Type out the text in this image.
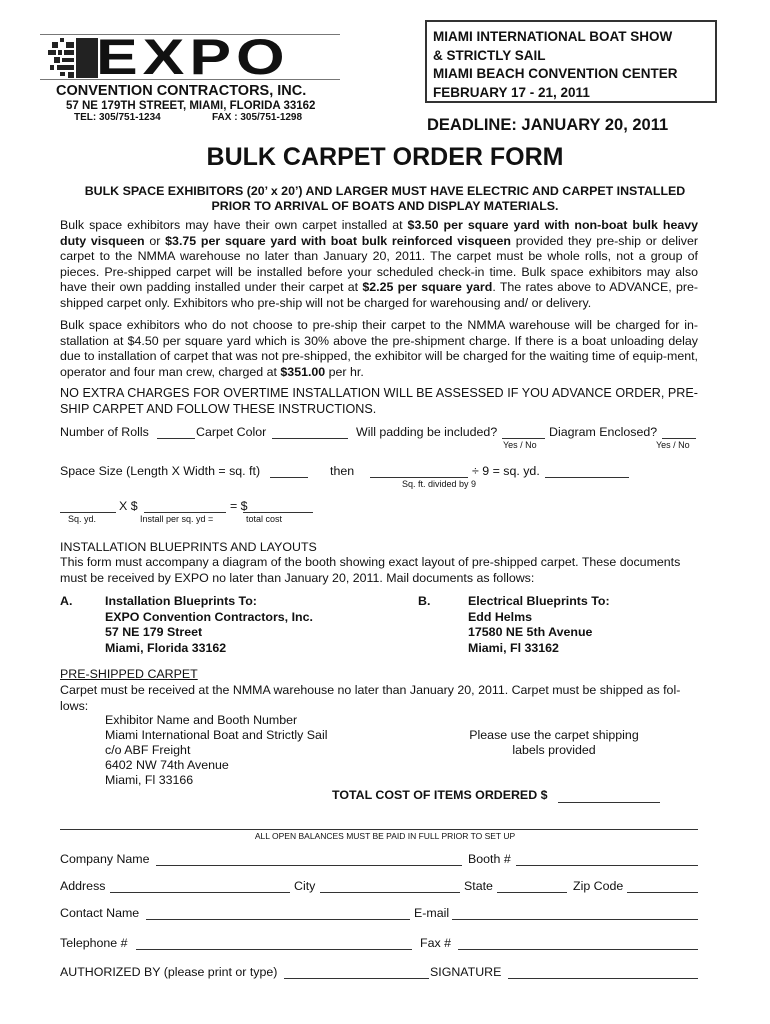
EXPO
CONVENTION CONTRACTORS, INC.
57 NE 179TH STREET, MIAMI, FLORIDA 33162
TEL: 305/751-1234	FAX : 305/751-1298
MIAMI INTERNATIONAL BOAT SHOW
& STRICTLY SAIL
MIAMI BEACH CONVENTION CENTER
FEBRUARY 17 - 21, 2011
DEADLINE: JANUARY 20, 2011
BULK CARPET ORDER FORM
BULK SPACE EXHIBITORS (20’ x 20’) AND LARGER MUST HAVE ELECTRIC AND CARPET INSTALLED
PRIOR TO ARRIVAL OF BOATS AND DISPLAY MATERIALS.
Bulk space exhibitors may have their own carpet installed at $3.50 per square yard with non-boat bulk heavy duty visqueen or $3.75 per square yard with boat bulk reinforced visqueen provided they pre-ship or deliver carpet to the NMMA warehouse no later than January 20, 2011. The carpet must be whole rolls, not a group of pieces. Pre-shipped carpet will be installed before your scheduled check-in time. Bulk space exhibitors may also have their own padding installed under their carpet at $2.25 per square yard. The rates above to ADVANCE, pre-shipped carpet only. Exhibitors who pre-ship will not be charged for warehousing and/ or delivery.
Bulk space exhibitors who do not choose to pre-ship their carpet to the NMMA warehouse will be charged for in-stallation at $4.50 per square yard which is 30% above the pre-shipment charge. If there is a boat unloading delay due to installation of carpet that was not pre-shipped, the exhibitor will be charged for the waiting time of equip-ment, operator and four man crew, charged at $351.00 per hr.
NO EXTRA CHARGES FOR OVERTIME INSTALLATION WILL BE ASSESSED IF YOU ADVANCE ORDER, PRE-SHIP CARPET AND FOLLOW THESE INSTRUCTIONS.
Number of Rolls	Carpet Color	Will padding be included?	Diagram Enclosed?
Yes / No	Yes / No
Space Size (Length X Width = sq. ft)	then	÷ 9 = sq. yd.
Sq. ft. divided by 9
X $	= $
Sq. yd.	Install per sq. yd =	total cost
INSTALLATION BLUEPRINTS AND LAYOUTS
This form must accompany a diagram of the booth showing exact layout of pre-shipped carpet. These documents must be received by EXPO no later than January 20, 2011. Mail documents as follows:
A.	Installation Blueprints To:
EXPO Convention Contractors, Inc.
57 NE 179 Street
Miami, Florida 33162
B.	Electrical Blueprints To:
Edd Helms
17580 NE 5th Avenue
Miami, Fl 33162
PRE-SHIPPED CARPET
Carpet must be received at the NMMA warehouse no later than January 20, 2011. Carpet must be shipped as fol-lows:
Exhibitor Name and Booth Number
Miami International Boat and Strictly Sail
c/o ABF Freight
6402 NW 74th Avenue
Miami, Fl 33166
Please use the carpet shipping
labels provided
TOTAL COST OF ITEMS ORDERED $
ALL OPEN BALANCES MUST BE PAID IN FULL PRIOR TO SET UP
Company Name	Booth #
Address	City	State	Zip Code
Contact Name	E-mail
Telephone #	Fax #
AUTHORIZED BY (please print or type)	SIGNATURE
